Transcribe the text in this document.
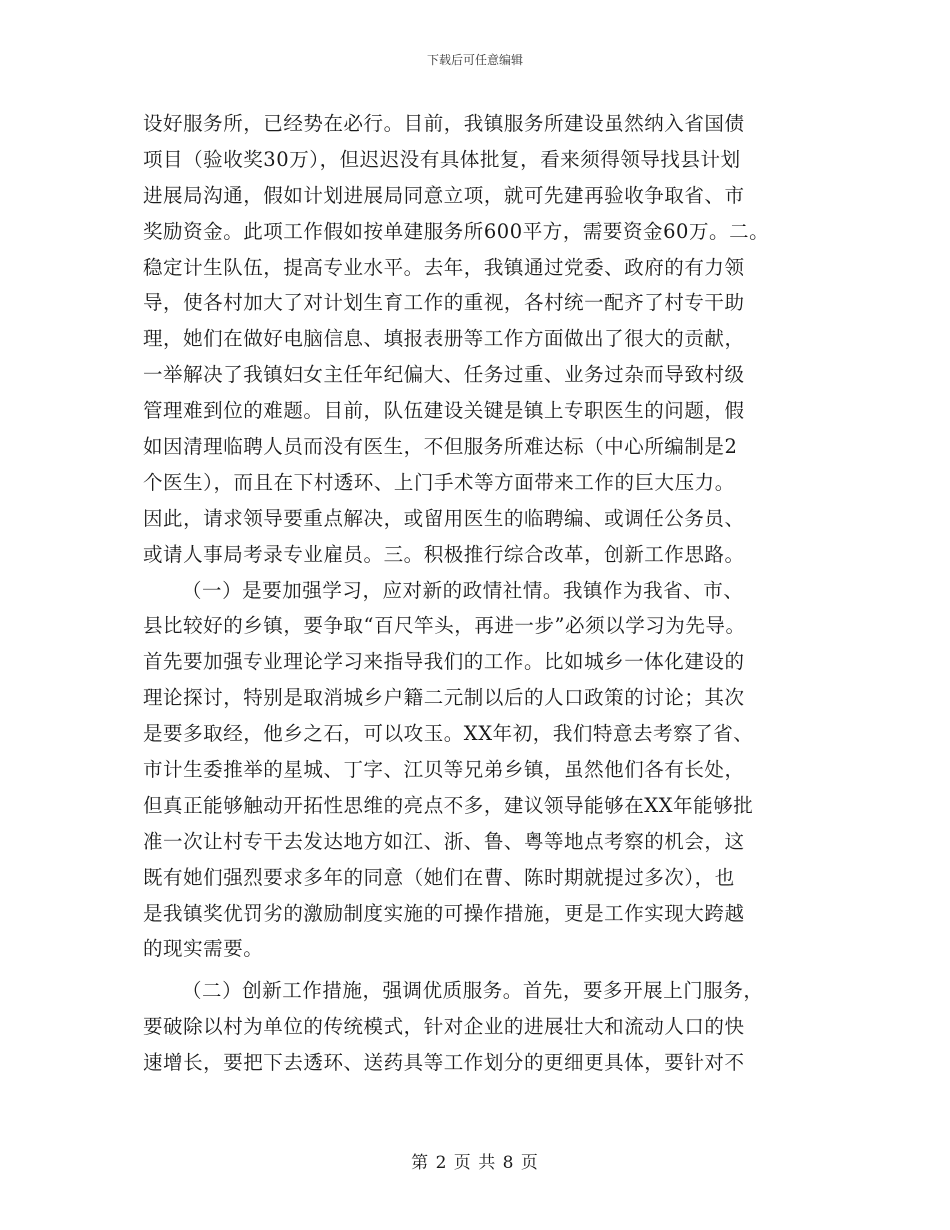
下载后可任意编辑
设好服务所，已经势在必行。目前，我镇服务所建设虽然纳入省国债
项目（验收奖30万），但迟迟没有具体批复，看来须得领导找县计划
进展局沟通，假如计划进展局同意立项，就可先建再验收争取省、市
奖励资金。此项工作假如按单建服务所600平方，需要资金60万。二。
稳定计生队伍，提高专业水平。去年，我镇通过党委、政府的有力领
导，使各村加大了对计划生育工作的重视，各村统一配齐了村专干助
理，她们在做好电脑信息、填报表册等工作方面做出了很大的贡献，
一举解决了我镇妇女主任年纪偏大、任务过重、业务过杂而导致村级
管理难到位的难题。目前，队伍建设关键是镇上专职医生的问题，假
如因清理临聘人员而没有医生，不但服务所难达标（中心所编制是2
个医生），而且在下村透环、上门手术等方面带来工作的巨大压力。
因此，请求领导要重点解决，或留用医生的临聘编、或调任公务员、
或请人事局考录专业雇员。三。积极推行综合改革，创新工作思路。
（一）是要加强学习，应对新的政情社情。我镇作为我省、市、
县比较好的乡镇，要争取“百尺竿头，再进一步”必须以学习为先导。
首先要加强专业理论学习来指导我们的工作。比如城乡一体化建设的
理论探讨，特别是取消城乡户籍二元制以后的人口政策的讨论；其次
是要多取经，他乡之石，可以攻玉。XX年初，我们特意去考察了省、
市计生委推举的星城、丁字、江贝等兄弟乡镇，虽然他们各有长处，
但真正能够触动开拓性思维的亮点不多，建议领导能够在XX年能够批
准一次让村专干去发达地方如江、浙、鲁、粤等地点考察的机会，这
既有她们强烈要求多年的同意（她们在曹、陈时期就提过多次），也
是我镇奖优罚劣的激励制度实施的可操作措施，更是工作实现大跨越
的现实需要。
（二）创新工作措施，强调优质服务。首先，要多开展上门服务，
要破除以村为单位的传统模式，针对企业的进展壮大和流动人口的快
速增长，要把下去透环、送药具等工作划分的更细更具体，要针对不
第 2 页 共 8 页
